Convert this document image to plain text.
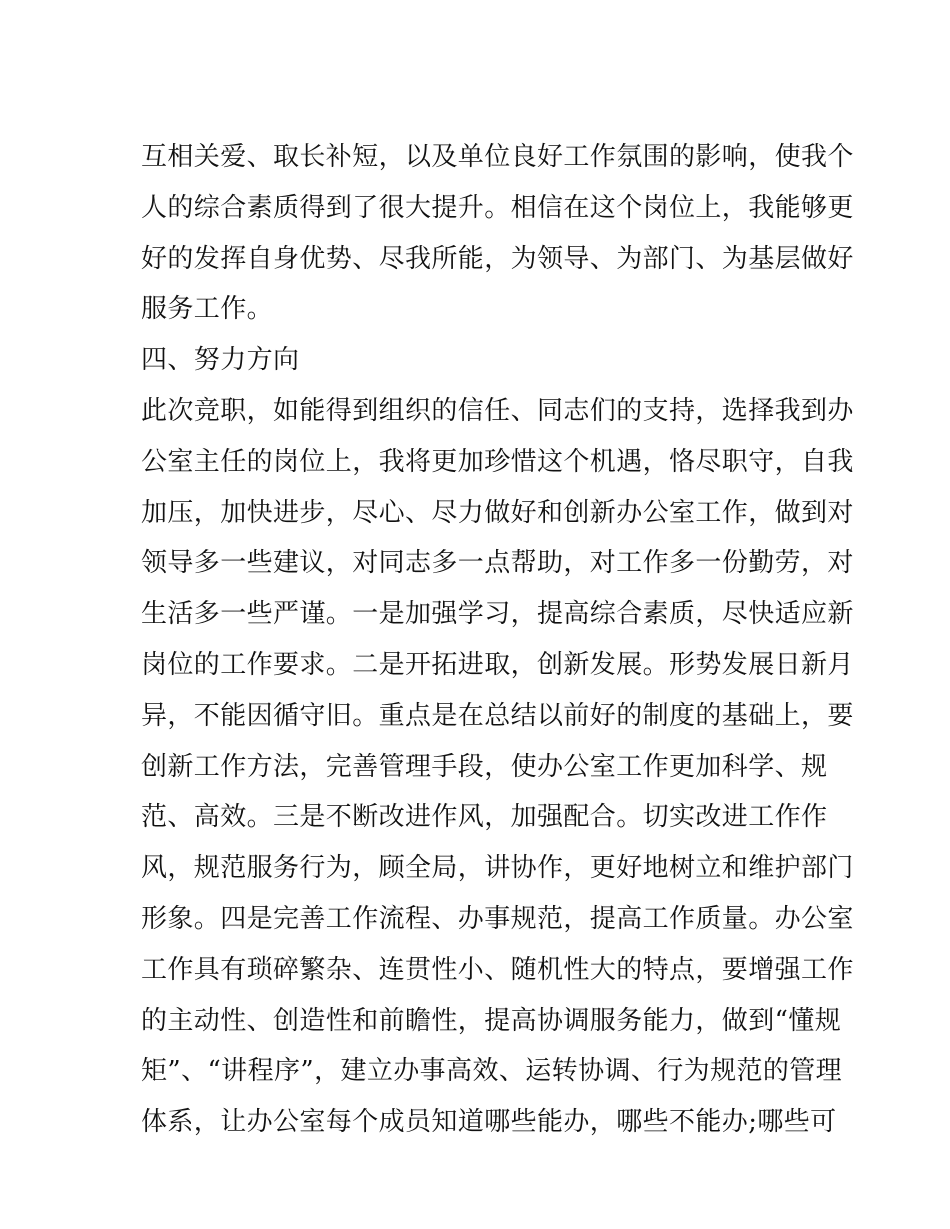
互相关爱、取长补短，以及单位良好工作氛围的影响，使我个
人的综合素质得到了很大提升。相信在这个岗位上，我能够更
好的发挥自身优势、尽我所能，为领导、为部门、为基层做好
服务工作。
四、努力方向
此次竞职，如能得到组织的信任、同志们的支持，选择我到办
公室主任的岗位上，我将更加珍惜这个机遇，恪尽职守，自我
加压，加快进步，尽心、尽力做好和创新办公室工作，做到对
领导多一些建议，对同志多一点帮助，对工作多一份勤劳，对
生活多一些严谨。一是加强学习，提高综合素质，尽快适应新
岗位的工作要求。二是开拓进取，创新发展。形势发展日新月
异，不能因循守旧。重点是在总结以前好的制度的基础上，要
创新工作方法，完善管理手段，使办公室工作更加科学、规
范、高效。三是不断改进作风，加强配合。切实改进工作作
风，规范服务行为，顾全局，讲协作，更好地树立和维护部门
形象。四是完善工作流程、办事规范，提高工作质量。办公室
工作具有琐碎繁杂、连贯性小、随机性大的特点，要增强工作
的主动性、创造性和前瞻性，提高协调服务能力，做到“懂规
矩”、“讲程序”，建立办事高效、运转协调、行为规范的管理
体系，让办公室每个成员知道哪些能办，哪些不能办;哪些可
